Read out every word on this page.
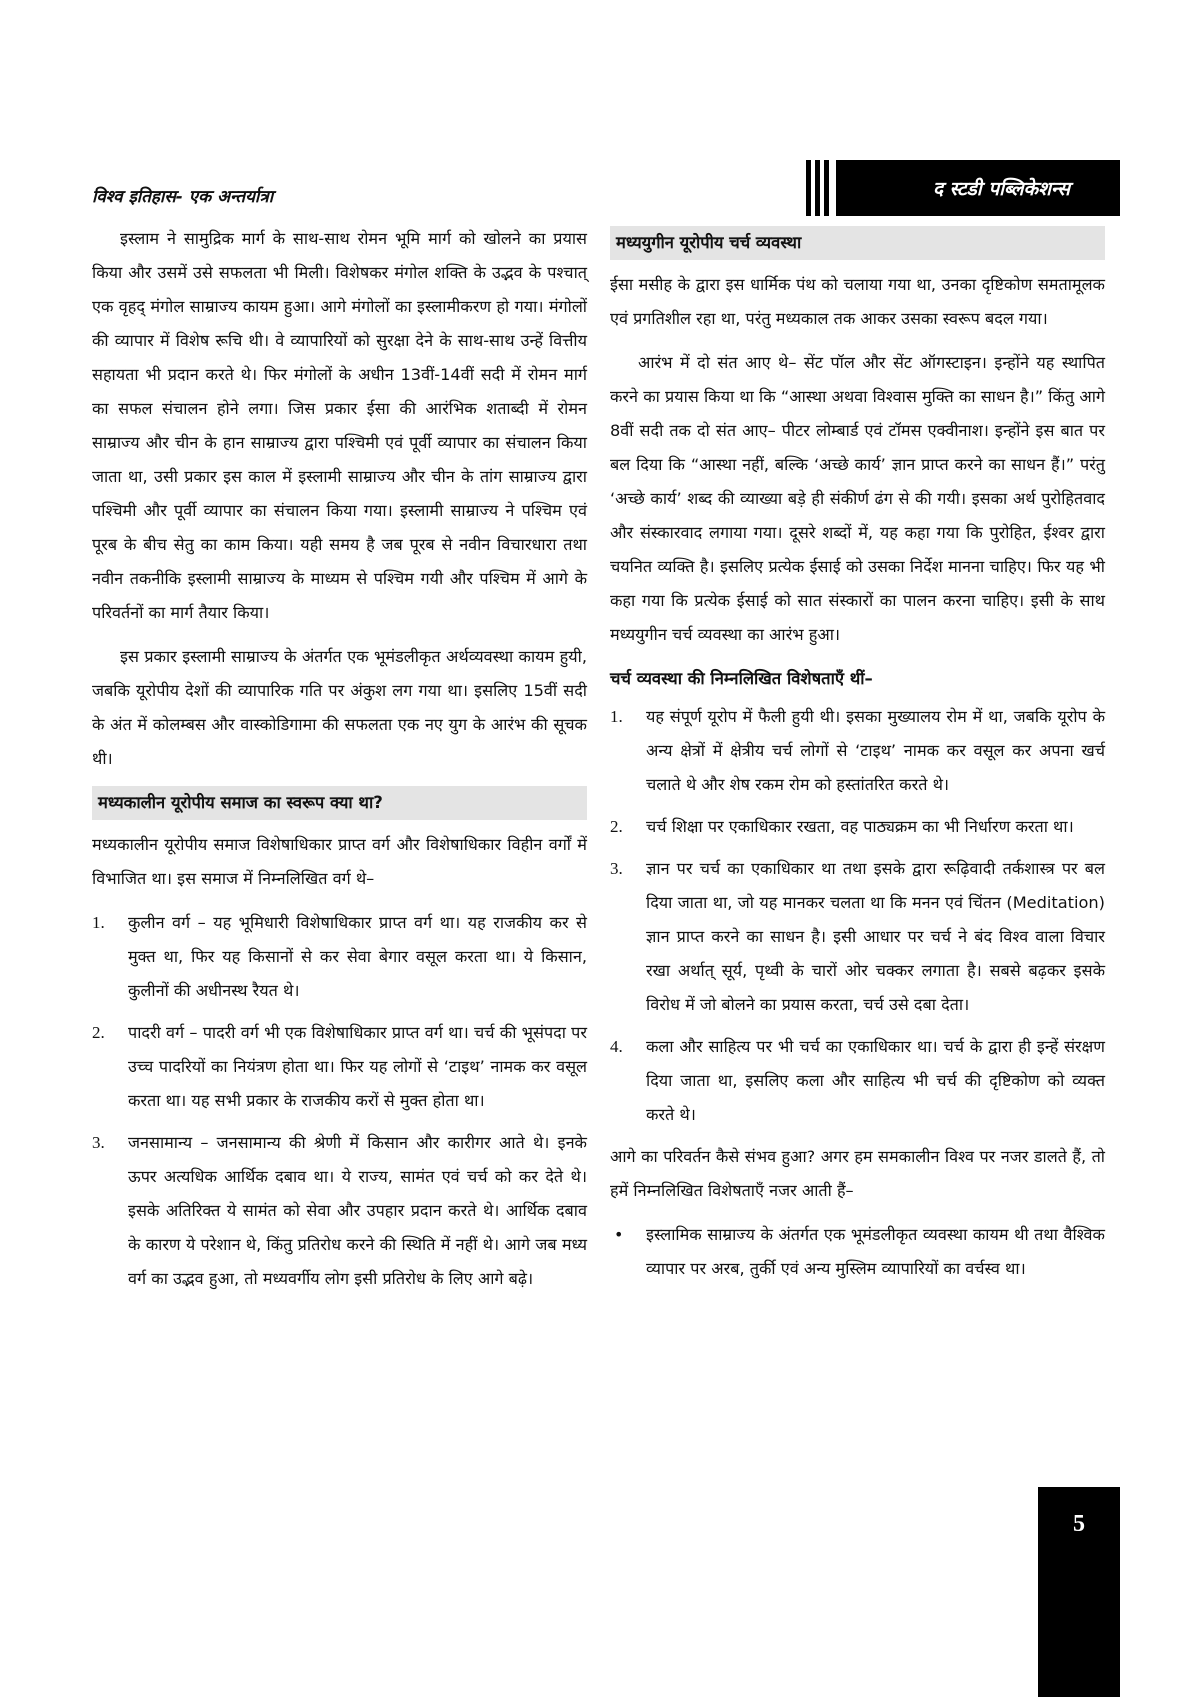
विश्व इतिहास- एक अन्तर्यात्रा	द स्टडी पब्लिकेशन्स

इस्लाम ने सामुद्रिक मार्ग के साथ-साथ रोमन भूमि मार्ग को खोलने का प्रयास किया और उसमें उसे सफलता भी मिली। विशेषकर मंगोल शक्ति के उद्भव के पश्चात् एक वृहद् मंगोल साम्राज्य कायम हुआ। आगे मंगोलों का इस्लामीकरण हो गया। मंगोलों की व्यापार में विशेष रूचि थी। वे व्यापारियों को सुरक्षा देने के साथ-साथ उन्हें वित्तीय सहायता भी प्रदान करते थे। फिर मंगोलों के अधीन 13वीं-14वीं सदी में रोमन मार्ग का सफल संचालन होने लगा। जिस प्रकार ईसा की आरंभिक शताब्दी में रोमन साम्राज्य और चीन के हान साम्राज्य द्वारा पश्चिमी एवं पूर्वी व्यापार का संचालन किया जाता था, उसी प्रकार इस काल में इस्लामी साम्राज्य और चीन के तांग साम्राज्य द्वारा पश्चिमी और पूर्वी व्यापार का संचालन किया गया। इस्लामी साम्राज्य ने पश्चिम एवं पूरब के बीच सेतु का काम किया। यही समय है जब पूरब से नवीन विचारधारा तथा नवीन तकनीकि इस्लामी साम्राज्य के माध्यम से पश्चिम गयी और पश्चिम में आगे के परिवर्तनों का मार्ग तैयार किया।

इस प्रकार इस्लामी साम्राज्य के अंतर्गत एक भूमंडलीकृत अर्थव्यवस्था कायम हुयी, जबकि यूरोपीय देशों की व्यापारिक गति पर अंकुश लग गया था। इसलिए 15वीं सदी के अंत में कोलम्बस और वास्कोडिगामा की सफलता एक नए युग के आरंभ की सूचक थी।

मध्यकालीन यूरोपीय समाज का स्वरूप क्या था?

मध्यकालीन यूरोपीय समाज विशेषाधिकार प्राप्त वर्ग और विशेषाधिकार विहीन वर्गों में विभाजित था। इस समाज में निम्नलिखित वर्ग थे–

1. कुलीन वर्ग – यह भूमिधारी विशेषाधिकार प्राप्त वर्ग था। यह राजकीय कर से मुक्त था, फिर यह किसानों से कर सेवा बेगार वसूल करता था। ये किसान, कुलीनों की अधीनस्थ रैयत थे।
2. पादरी वर्ग – पादरी वर्ग भी एक विशेषाधिकार प्राप्त वर्ग था। चर्च की भूसंपदा पर उच्च पादरियों का नियंत्रण होता था। फिर यह लोगों से ‘टाइथ’ नामक कर वसूल करता था। यह सभी प्रकार के राजकीय करों से मुक्त होता था।
3. जनसामान्य – जनसामान्य की श्रेणी में किसान और कारीगर आते थे। इनके ऊपर अत्यधिक आर्थिक दबाव था। ये राज्य, सामंत एवं चर्च को कर देते थे। इसके अतिरिक्त ये सामंत को सेवा और उपहार प्रदान करते थे। आर्थिक दबाव के कारण ये परेशान थे, किंतु प्रतिरोध करने की स्थिति में नहीं थे। आगे जब मध्य वर्ग का उद्भव हुआ, तो मध्यवर्गीय लोग इसी प्रतिरोध के लिए आगे बढ़े।
मध्ययुगीन यूरोपीय चर्च व्यवस्था

ईसा मसीह के द्वारा इस धार्मिक पंथ को चलाया गया था, उनका दृष्टिकोण समतामूलक एवं प्रगतिशील रहा था, परंतु मध्यकाल तक आकर उसका स्वरूप बदल गया।

आरंभ में दो संत आए थे– सेंट पॉल और सेंट ऑगस्टाइन। इन्होंने यह स्थापित करने का प्रयास किया था कि “आस्था अथवा विश्वास मुक्ति का साधन है।” किंतु आगे 8वीं सदी तक दो संत आए– पीटर लोम्बार्ड एवं टॉमस एक्वीनाश। इन्होंने इस बात पर बल दिया कि “आस्था नहीं, बल्कि ‘अच्छे कार्य’ ज्ञान प्राप्त करने का साधन हैं।” परंतु ‘अच्छे कार्य’ शब्द की व्याख्या बड़े ही संकीर्ण ढंग से की गयी। इसका अर्थ पुरोहितवाद और संस्कारवाद लगाया गया। दूसरे शब्दों में, यह कहा गया कि पुरोहित, ईश्वर द्वारा चयनित व्यक्ति है। इसलिए प्रत्येक ईसाई को उसका निर्देश मानना चाहिए। फिर यह भी कहा गया कि प्रत्येक ईसाई को सात संस्कारों का पालन करना चाहिए। इसी के साथ मध्ययुगीन चर्च व्यवस्था का आरंभ हुआ।

चर्च व्यवस्था की निम्नलिखित विशेषताएँ थीं–
1. यह संपूर्ण यूरोप में फैली हुयी थी। इसका मुख्यालय रोम में था, जबकि यूरोप के अन्य क्षेत्रों में क्षेत्रीय चर्च लोगों से ‘टाइथ’ नामक कर वसूल कर अपना खर्च चलाते थे और शेष रकम रोम को हस्तांतरित करते थे।
2. चर्च शिक्षा पर एकाधिकार रखता, वह पाठ्यक्रम का भी निर्धारण करता था।
3. ज्ञान पर चर्च का एकाधिकार था तथा इसके द्वारा रूढ़िवादी तर्कशास्त्र पर बल दिया जाता था, जो यह मानकर चलता था कि मनन एवं चिंतन (Meditation) ज्ञान प्राप्त करने का साधन है। इसी आधार पर चर्च ने बंद विश्व वाला विचार रखा अर्थात् सूर्य, पृथ्वी के चारों ओर चक्कर लगाता है। सबसे बढ़कर इसके विरोध में जो बोलने का प्रयास करता, चर्च उसे दबा देता।
4. कला और साहित्य पर भी चर्च का एकाधिकार था। चर्च के द्वारा ही इन्हें संरक्षण दिया जाता था, इसलिए कला और साहित्य भी चर्च की दृष्टिकोण को व्यक्त करते थे।

आगे का परिवर्तन कैसे संभव हुआ? अगर हम समकालीन विश्व पर नजर डालते हैं, तो हमें निम्नलिखित विशेषताएँ नजर आती हैं–

• इस्लामिक साम्राज्य के अंतर्गत एक भूमंडलीकृत व्यवस्था कायम थी तथा वैश्विक व्यापार पर अरब, तुर्की एवं अन्य मुस्लिम व्यापारियों का वर्चस्व था।
5
